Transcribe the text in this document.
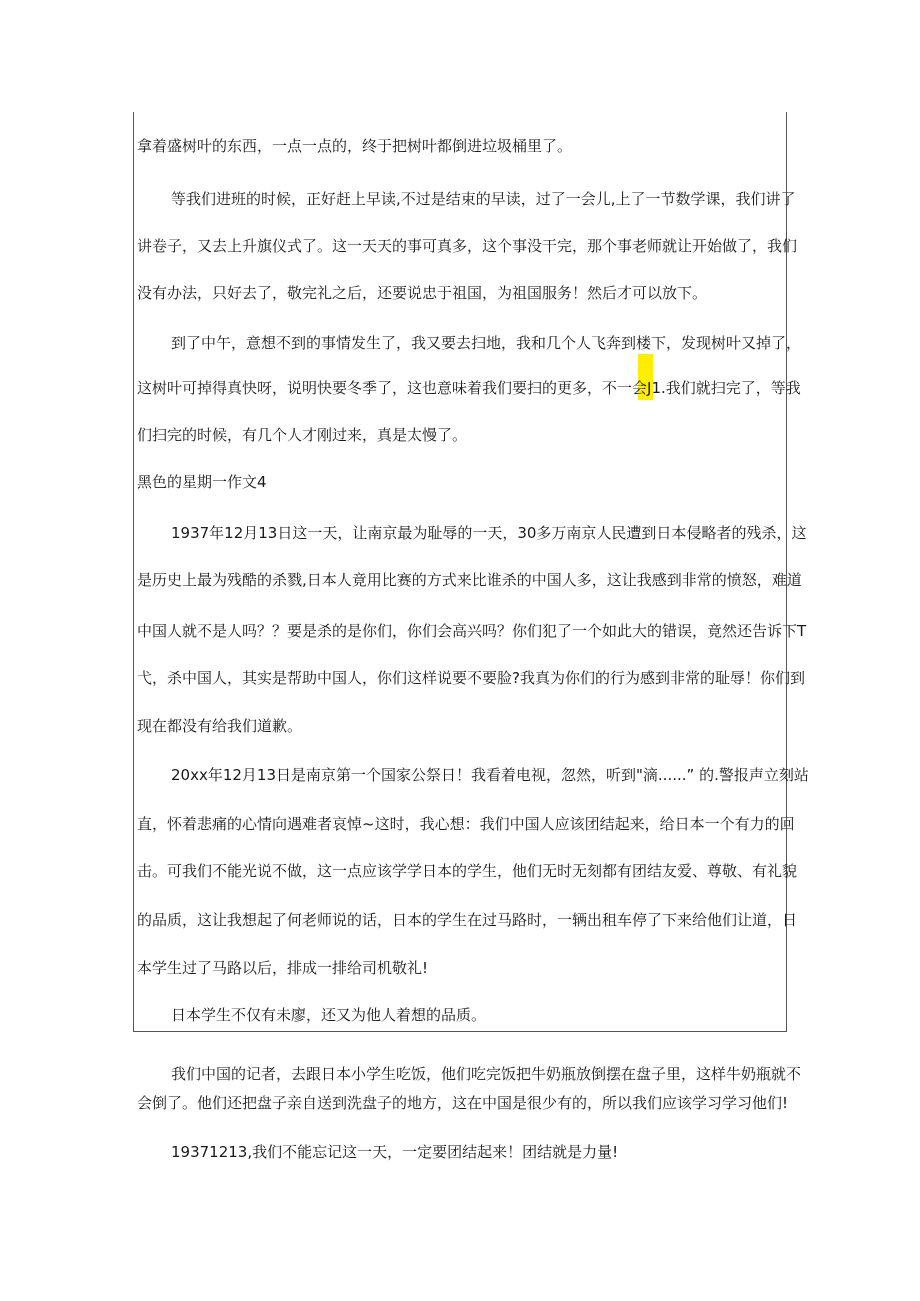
拿着盛树叶的东西，一点一点的，终于把树叶都倒进垃圾桶里了。
等我们进班的时候，正好赶上早读,不过是结束的早读，过了一会儿,上了一节数学课，我们讲了
讲卷子，又去上升旗仪式了。这一天天的事可真多，这个事没干完，那个事老师就让开始做了，我们
没有办法，只好去了，敬完礼之后，还要说忠于祖国，为祖国服务！然后才可以放下。
到了中午，意想不到的事情发生了，我又要去扫地，我和几个人飞奔到楼下，发现树叶又掉了，
这树叶可掉得真快呀，说明快要冬季了，这也意味着我们要扫的更多，不一会J1.我们就扫完了，等我
们扫完的时候，有几个人才刚过来，真是太慢了。
黑色的星期一作文4
1937年12月13日这一天，让南京最为耻辱的一天，30多万南京人民遭到日本侵略者的残杀，这
是历史上最为残酷的杀戮,日本人竟用比赛的方式来比谁杀的中国人多，这让我感到非常的愤怒，难道
中国人就不是人吗？？要是杀的是你们，你们会高兴吗？你们犯了一个如此大的错误，竟然还告诉下T
弋，杀中国人，其实是帮助中国人，你们这样说要不要脸?我真为你们的行为感到非常的耻辱！你们到
现在都没有给我们道歉。
20xx年12月13日是南京第一个国家公祭日！我看着电视，忽然，听到"滴......” 的.警报声立刻站
直，怀着悲痛的心情向遇难者哀悼~这时，我心想：我们中国人应该团结起来，给日本一个有力的回
击。可我们不能光说不做，这一点应该学学日本的学生，他们无时无刻都有团结友爱、尊敬、有礼貌
的品质，这让我想起了何老师说的话，日本的学生在过马路时，一辆出租车停了下来给他们让道，日
本学生过了马路以后，排成一排给司机敬礼!
日本学生不仅有未廖，还又为他人着想的品质。
我们中国的记者，去跟日本小学生吃饭，他们吃完饭把牛奶瓶放倒摆在盘子里，这样牛奶瓶就不
会倒了。他们还把盘子亲自送到洗盘子的地方，这在中国是很少有的，所以我们应该学习学习他们!
19371213,我们不能忘记这一天，一定要团结起来！团结就是力量!
